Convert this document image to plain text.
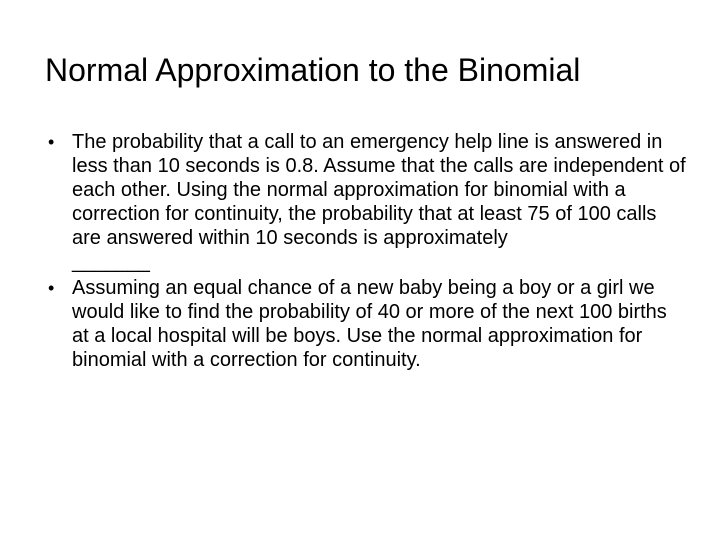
Normal Approximation to the Binomial
• The probability that a call to an emergency help line is answered in less than 10 seconds is 0.8. Assume that the calls are independent of each other. Using the normal approximation for binomial with a correction for continuity, the probability that at least 75 of 100 calls are answered within 10 seconds is approximately
_______
• Assuming an equal chance of a new baby being a boy or a girl we would like to find the probability of 40 or more of the next 100 births at a local hospital will be boys. Use the normal approximation for binomial with a correction for continuity.
